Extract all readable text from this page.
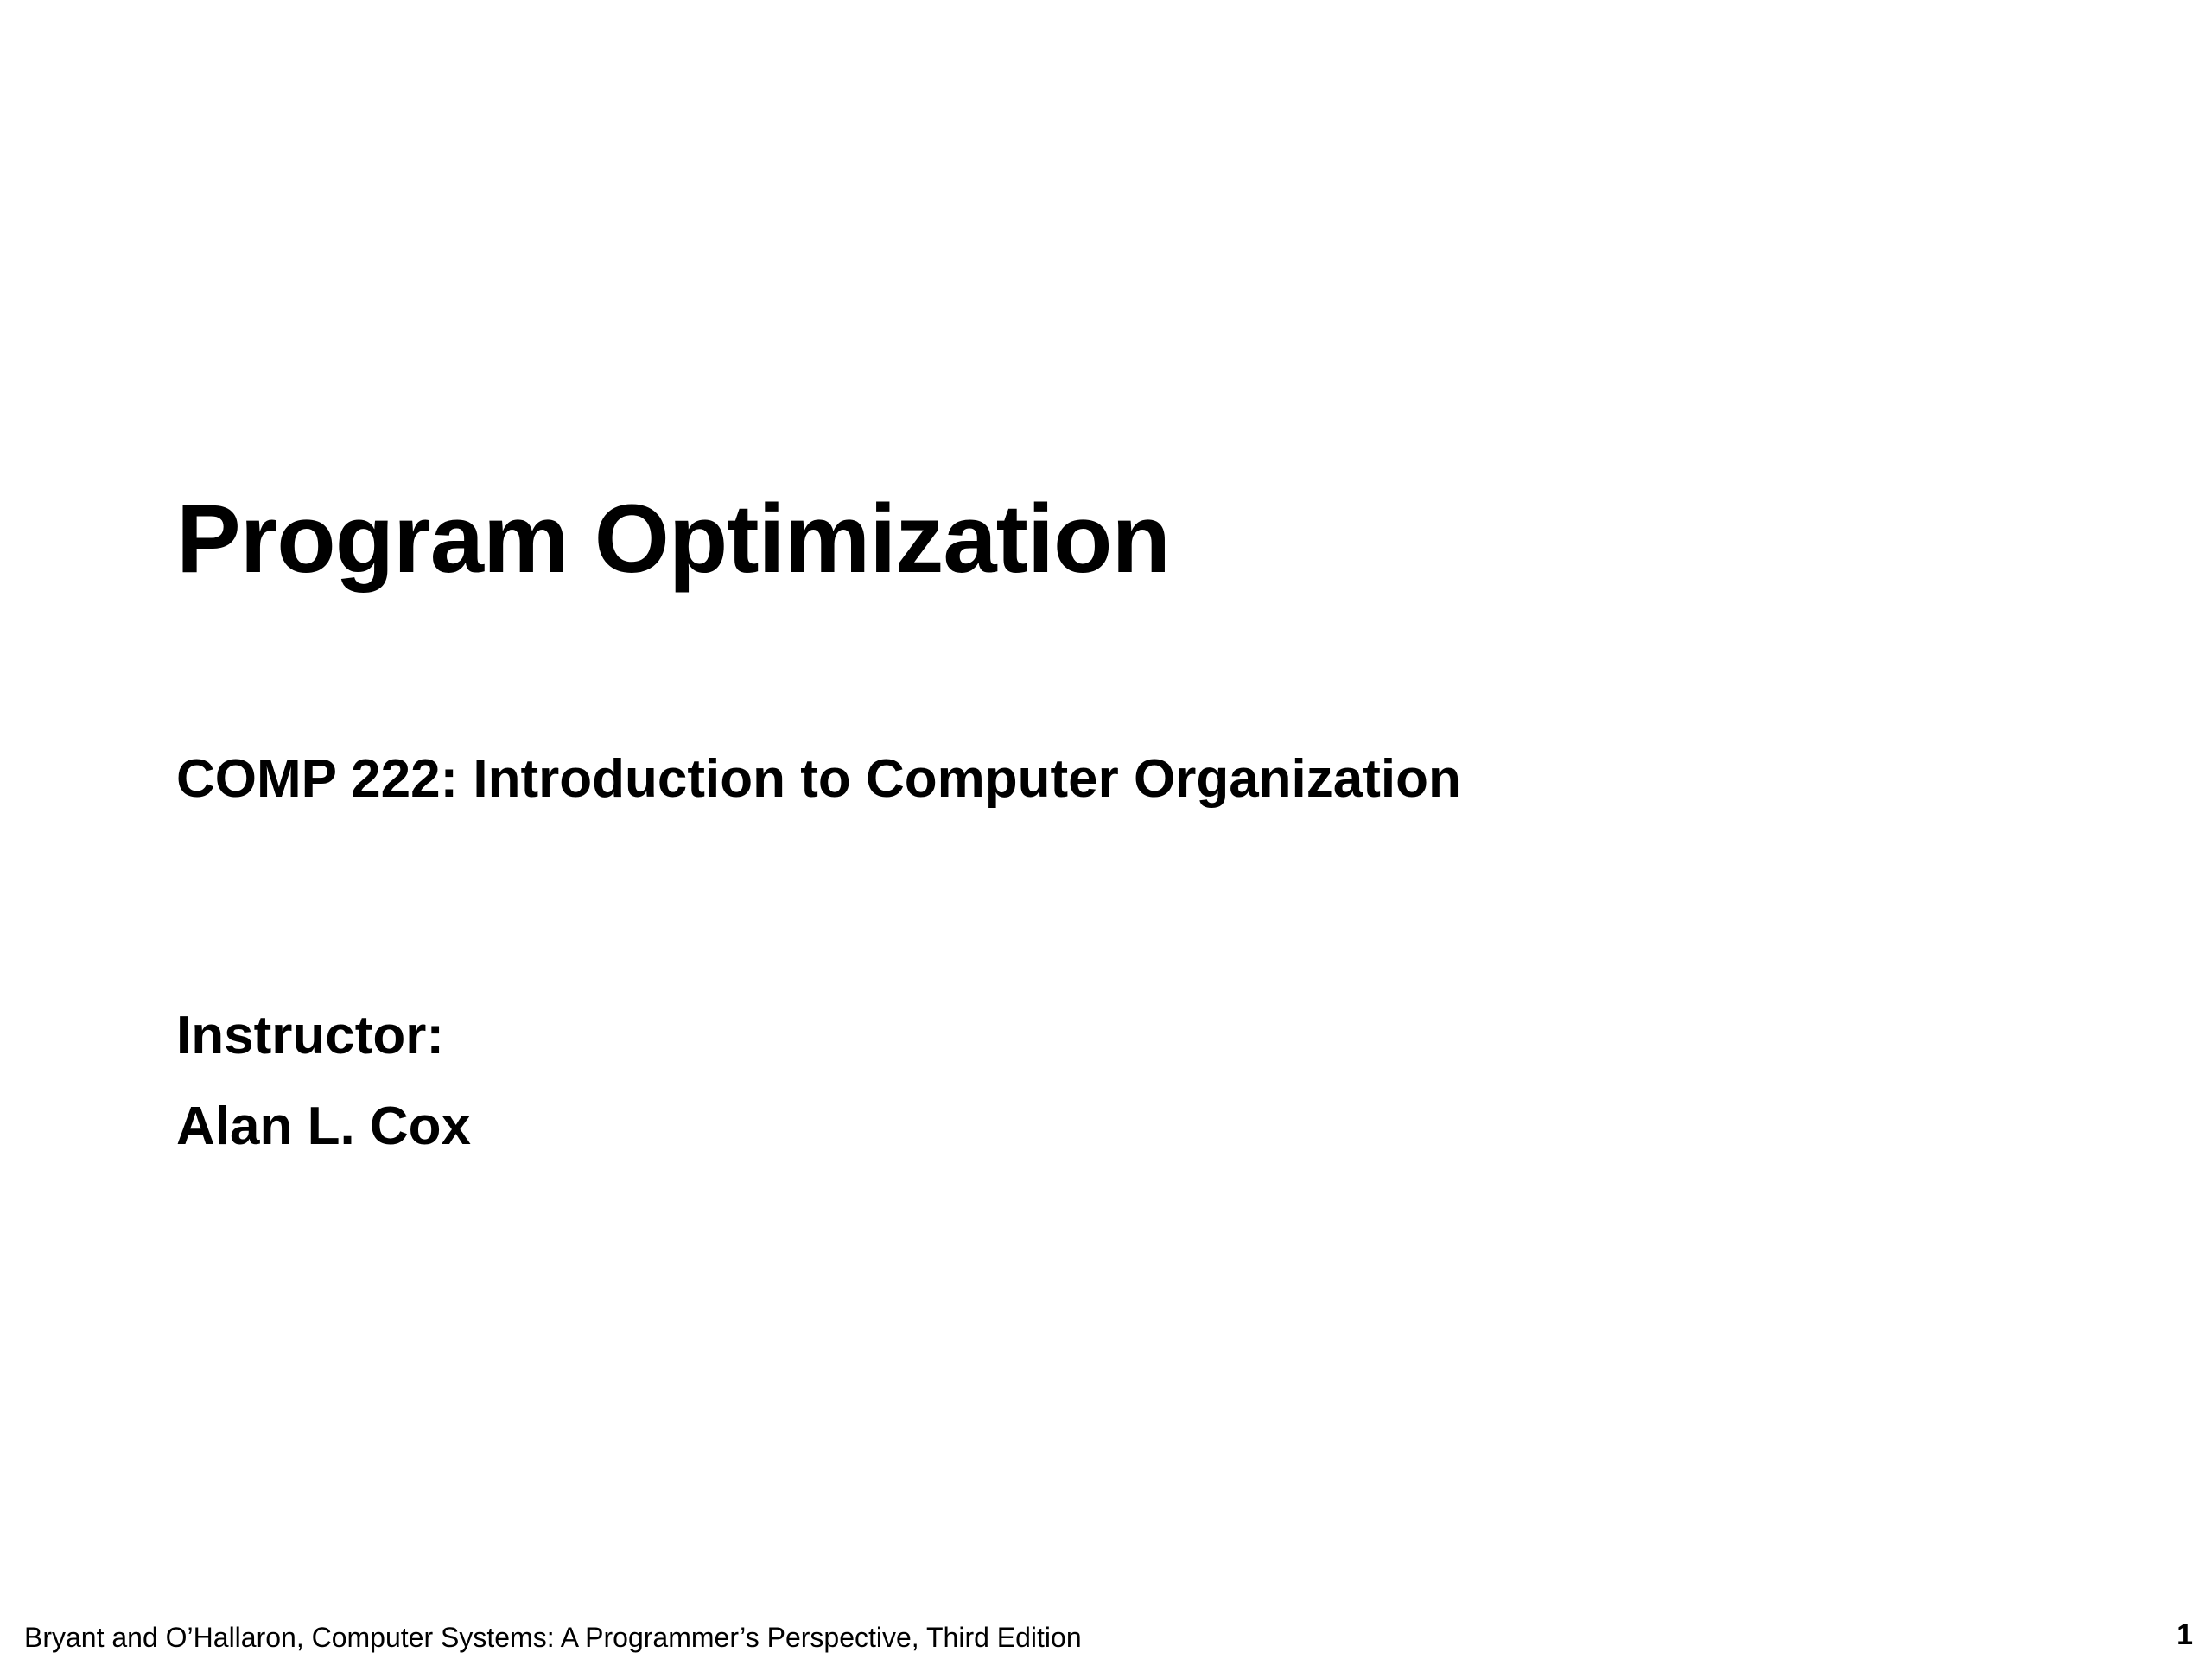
Program Optimization
COMP 222: Introduction to Computer Organization
Instructor:
Alan L. Cox
Bryant and O’Hallaron, Computer Systems: A Programmer’s Perspective, Third Edition	1
